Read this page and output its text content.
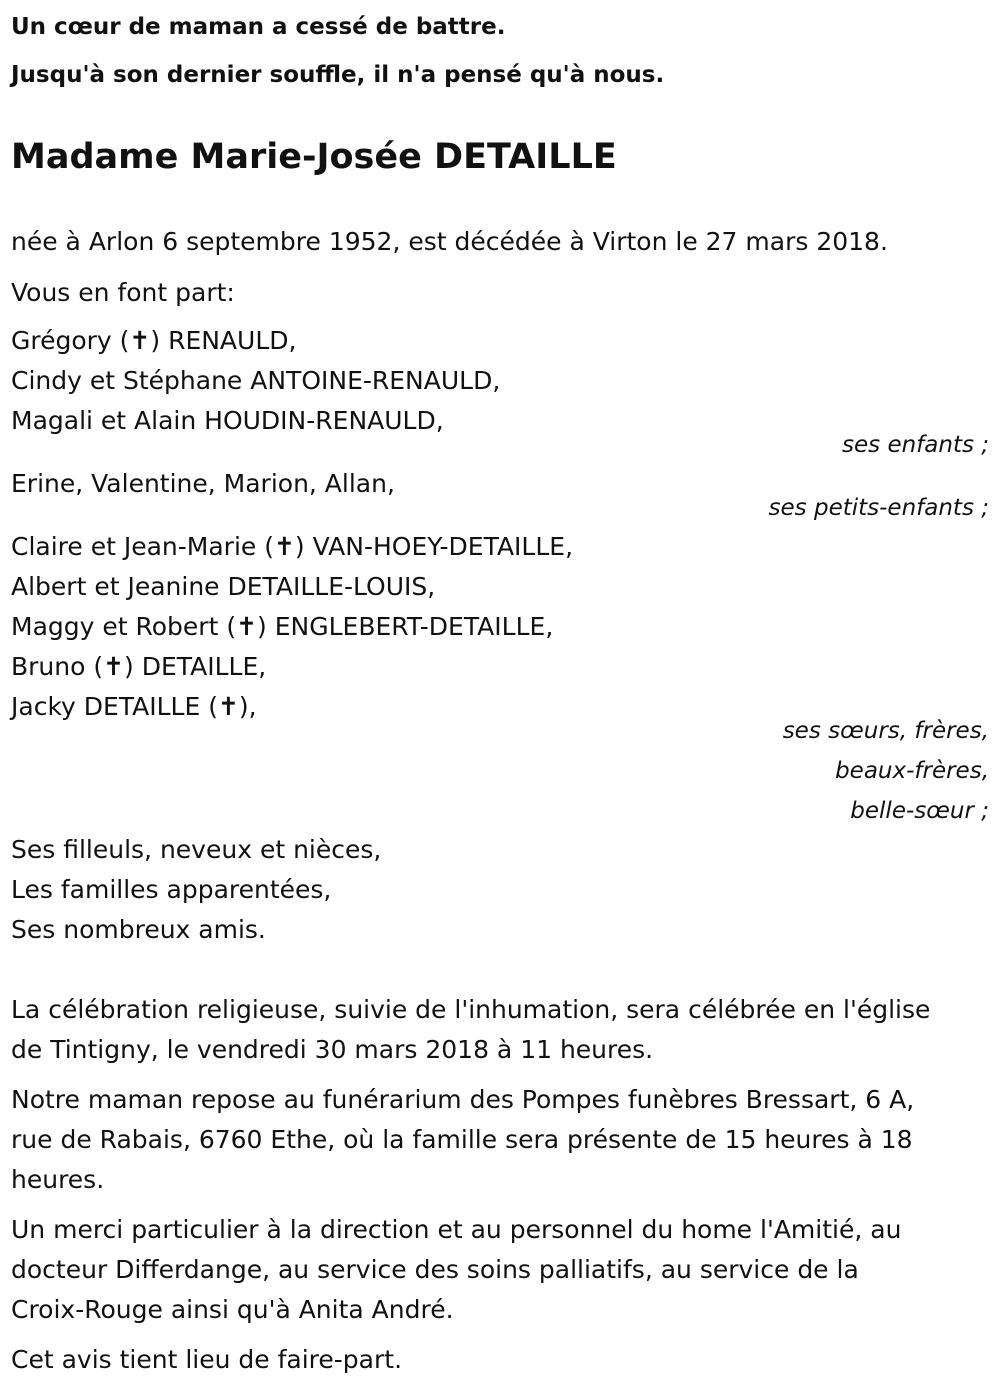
Un cœur de maman a cessé de battre.
Jusqu'à son dernier souffle, il n'a pensé qu'à nous.
Madame Marie-Josée DETAILLE
née à Arlon 6 septembre 1952, est décédée à Virton le 27 mars 2018.
Vous en font part:
Grégory (✝) RENAULD,
Cindy et Stéphane ANTOINE-RENAULD,
Magali et Alain HOUDIN-RENAULD,
ses enfants ;
Erine, Valentine, Marion, Allan,
ses petits-enfants ;
Claire et Jean-Marie (✝) VAN-HOEY-DETAILLE,
Albert et Jeanine DETAILLE-LOUIS,
Maggy et Robert (✝) ENGLEBERT-DETAILLE,
Bruno (✝) DETAILLE,
Jacky DETAILLE (✝),
ses sœurs, frères,
beaux-frères,
belle-sœur ;
Ses filleuls, neveux et nièces,
Les familles apparentées,
Ses nombreux amis.
La célébration religieuse, suivie de l'inhumation, sera célébrée en l'église
de Tintigny, le vendredi 30 mars 2018 à 11 heures.
Notre maman repose au funérarium des Pompes funèbres Bressart, 6 A,
rue de Rabais, 6760 Ethe, où la famille sera présente de 15 heures à 18
heures.
Un merci particulier à la direction et au personnel du home l'Amitié, au
docteur Differdange, au service des soins palliatifs, au service de la
Croix-Rouge ainsi qu'à Anita André.
Cet avis tient lieu de faire-part.
